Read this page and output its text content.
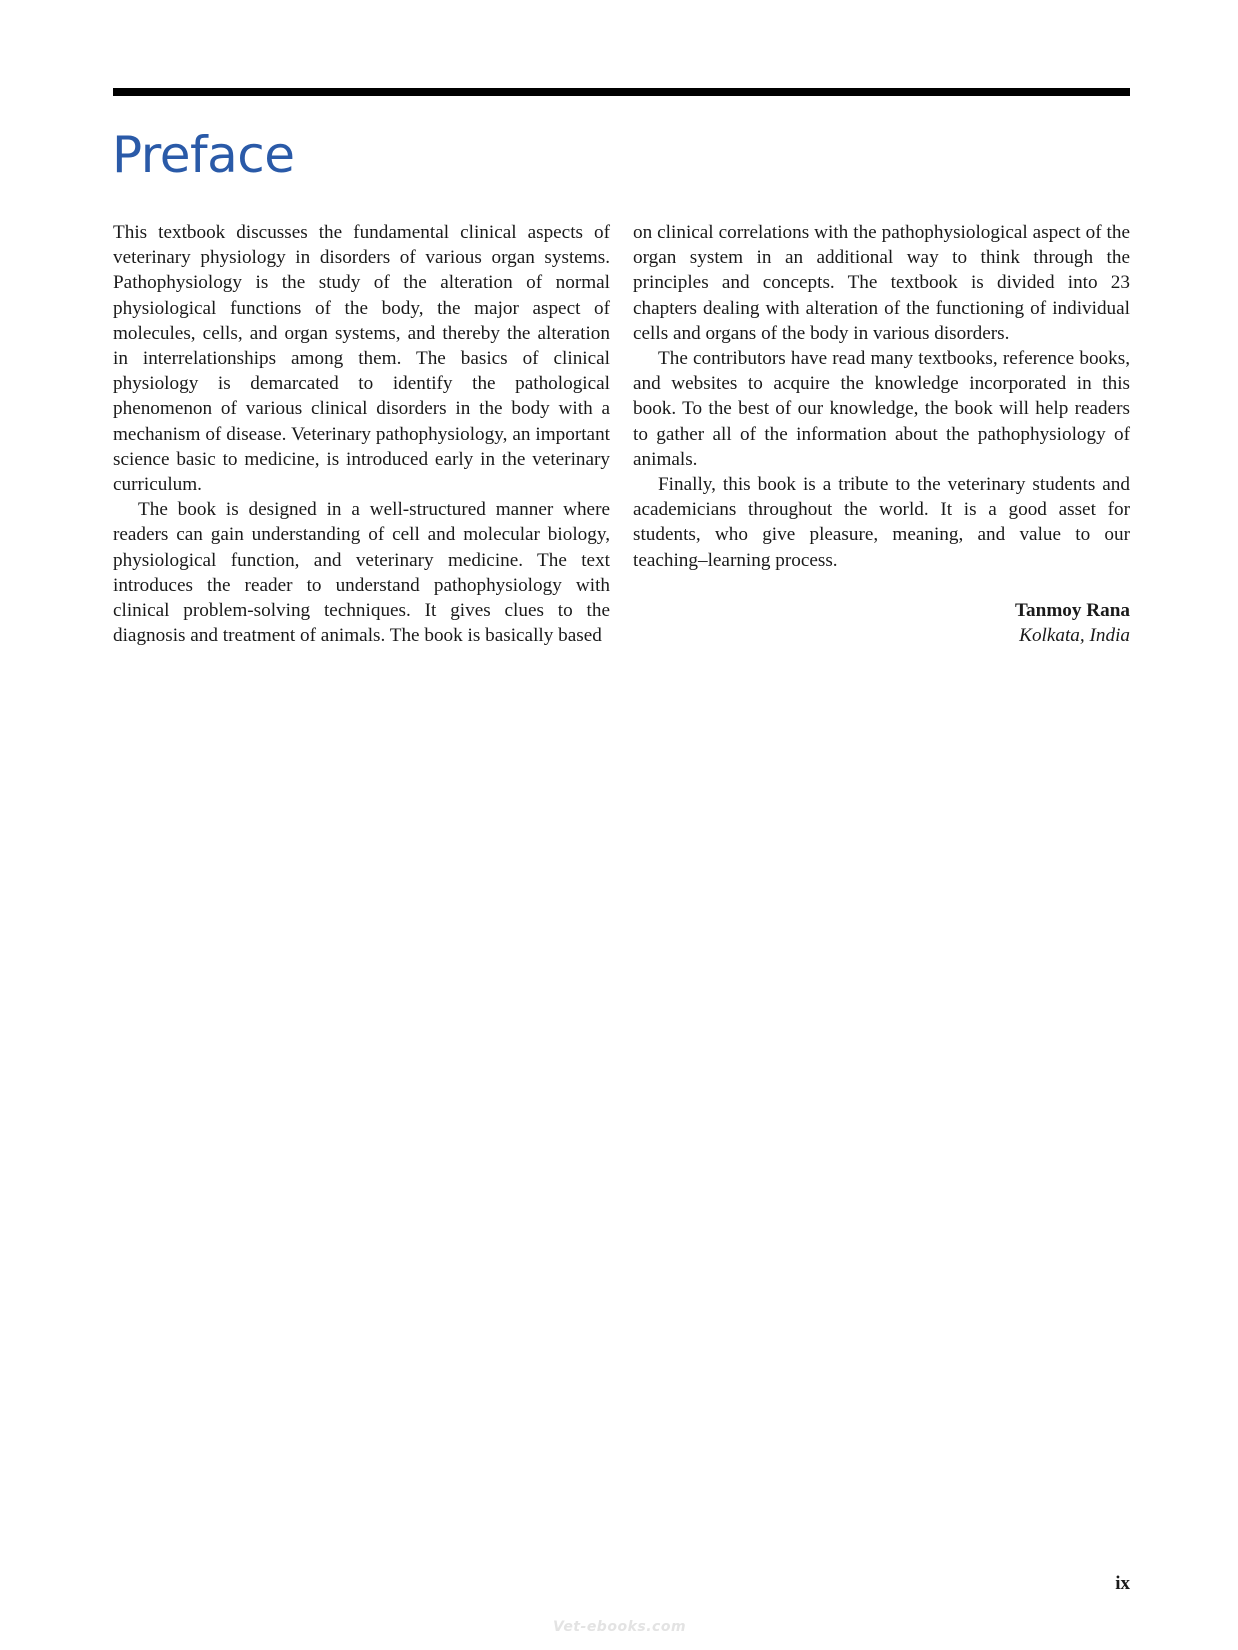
Preface

This textbook discusses the fundamental clinical aspects of veterinary physiology in disorders of various organ systems. Pathophysiology is the study of the alteration of normal physiological functions of the body, the major aspect of molecules, cells, and organ systems, and thereby the alteration in interrelationships among them. The basics of clinical physiology is demarcated to identify the pathological phenomenon of various clinical disorders in the body with a mechanism of disease. Veterinary pathophysiology, an important science basic to medicine, is introduced early in the veterinary curriculum.

The book is designed in a well-structured manner where readers can gain understanding of cell and molecular biology, physiological function, and veterinary medicine. The text introduces the reader to understand pathophysiology with clinical problem-solving techniques. It gives clues to the diagnosis and treatment of animals. The book is basically based

on clinical correlations with the pathophysiological aspect of the organ system in an additional way to think through the principles and concepts. The textbook is divided into 23 chapters dealing with alteration of the functioning of individual cells and organs of the body in various disorders.

The contributors have read many textbooks, reference books, and websites to acquire the knowledge incorporated in this book. To the best of our knowledge, the book will help readers to gather all of the information about the pathophysiology of animals.

Finally, this book is a tribute to the veterinary students and academicians throughout the world. It is a good asset for students, who give pleasure, meaning, and value to our teaching–learning process.

Tanmoy Rana
Kolkata, India
ix
Vet-ebooks.com
